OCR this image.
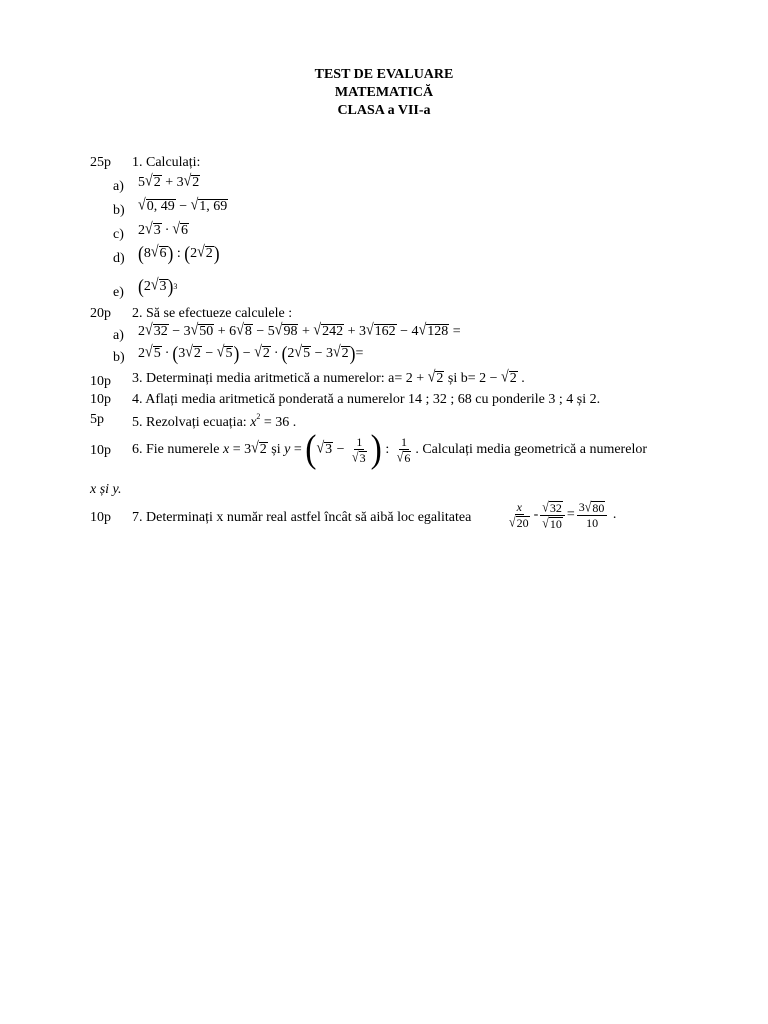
TEST DE EVALUARE
MATEMATICĂ
CLASA a VII-a
25p 1. Calculați:
a) 5 √ 2 + 3 √ 2
b) √ 0, 49 − √ 1, 69
c) 2 √ 3 · √ 6
d) ( 8 √ 6 ) : ( 2 √ 2 )
e) ( 2 √ 3 ) 3
20p 2. Să se efectueze calculele :
a) 2 √ 32 − 3 √ 50 + 6 √ 8 − 5 √ 98 + √ 242 + 3 √ 162 − 4 √ 128 =
b) 2 √ 5 · ( 3 √ 2 − √ 5 ) − √ 2 · ( 2 √ 5 − 3 √ 2 ) =
10p 3. Determinați media aritmetică a numerelor: a= 2 + √ 2 și b= 2 − √ 2 .
10p 4. Aflați media aritmetică ponderată a numerelor 14 ; 32 ; 68 cu ponderile 3 ; 4 și 2.
5p 5. Rezolvați ecuația: $x^2 = 36$ .
10p 6. Fie numerele x = 3 √ 2 și y = ( √ $3 - \frac{1}{√ 3}$ ) : $\frac{1}{√ 6}$ . Calculați media geometrică a numerelor
x și y.
10p 7. Determinați x număr real astfel încât să aibă loc egalitatea	$\frac{x}{√ 20} - \frac{√ 32}{√ 10} = \frac{3 √ 80}{10}$ .
